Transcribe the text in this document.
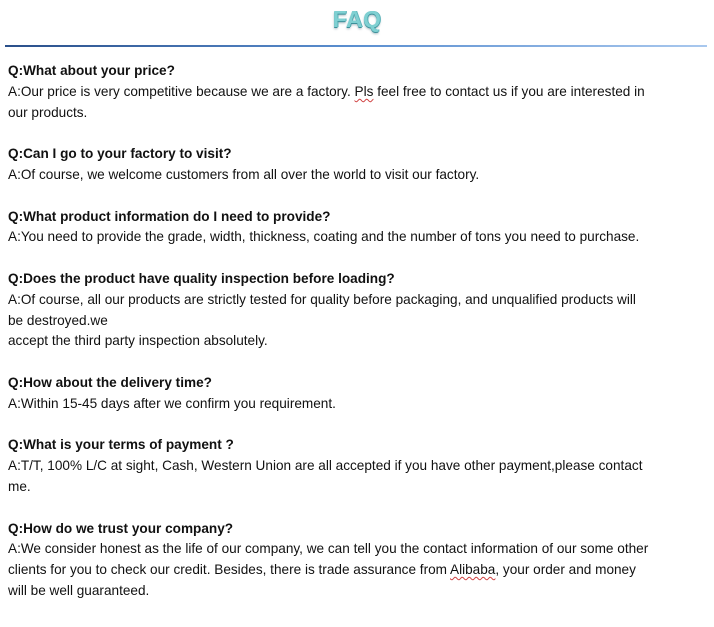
FAQ
Q:What about your price?
A:Our price is very competitive because we are a factory. Pls feel free to contact us if you are interested in
our products.
Q:Can I go to your factory to visit?
A:Of course, we welcome customers from all over the world to visit our factory.
Q:What product information do I need to provide?
A:You need to provide the grade, width, thickness, coating and the number of tons you need to purchase.
Q:Does the product have quality inspection before loading?
A:Of course, all our products are strictly tested for quality before packaging, and unqualified products will
be destroyed.we
accept the third party inspection absolutely.
Q:How about the delivery time?
A:Within 15-45 days after we confirm you requirement.
Q:What is your terms of payment ?
A:T/T, 100% L/C at sight, Cash, Western Union are all accepted if you have other payment,please contact
me.
Q:How do we trust your company?
A:We consider honest as the life of our company, we can tell you the contact information of our some other
clients for you to check our credit. Besides, there is trade assurance from Alibaba, your order and money
will be well guaranteed.
